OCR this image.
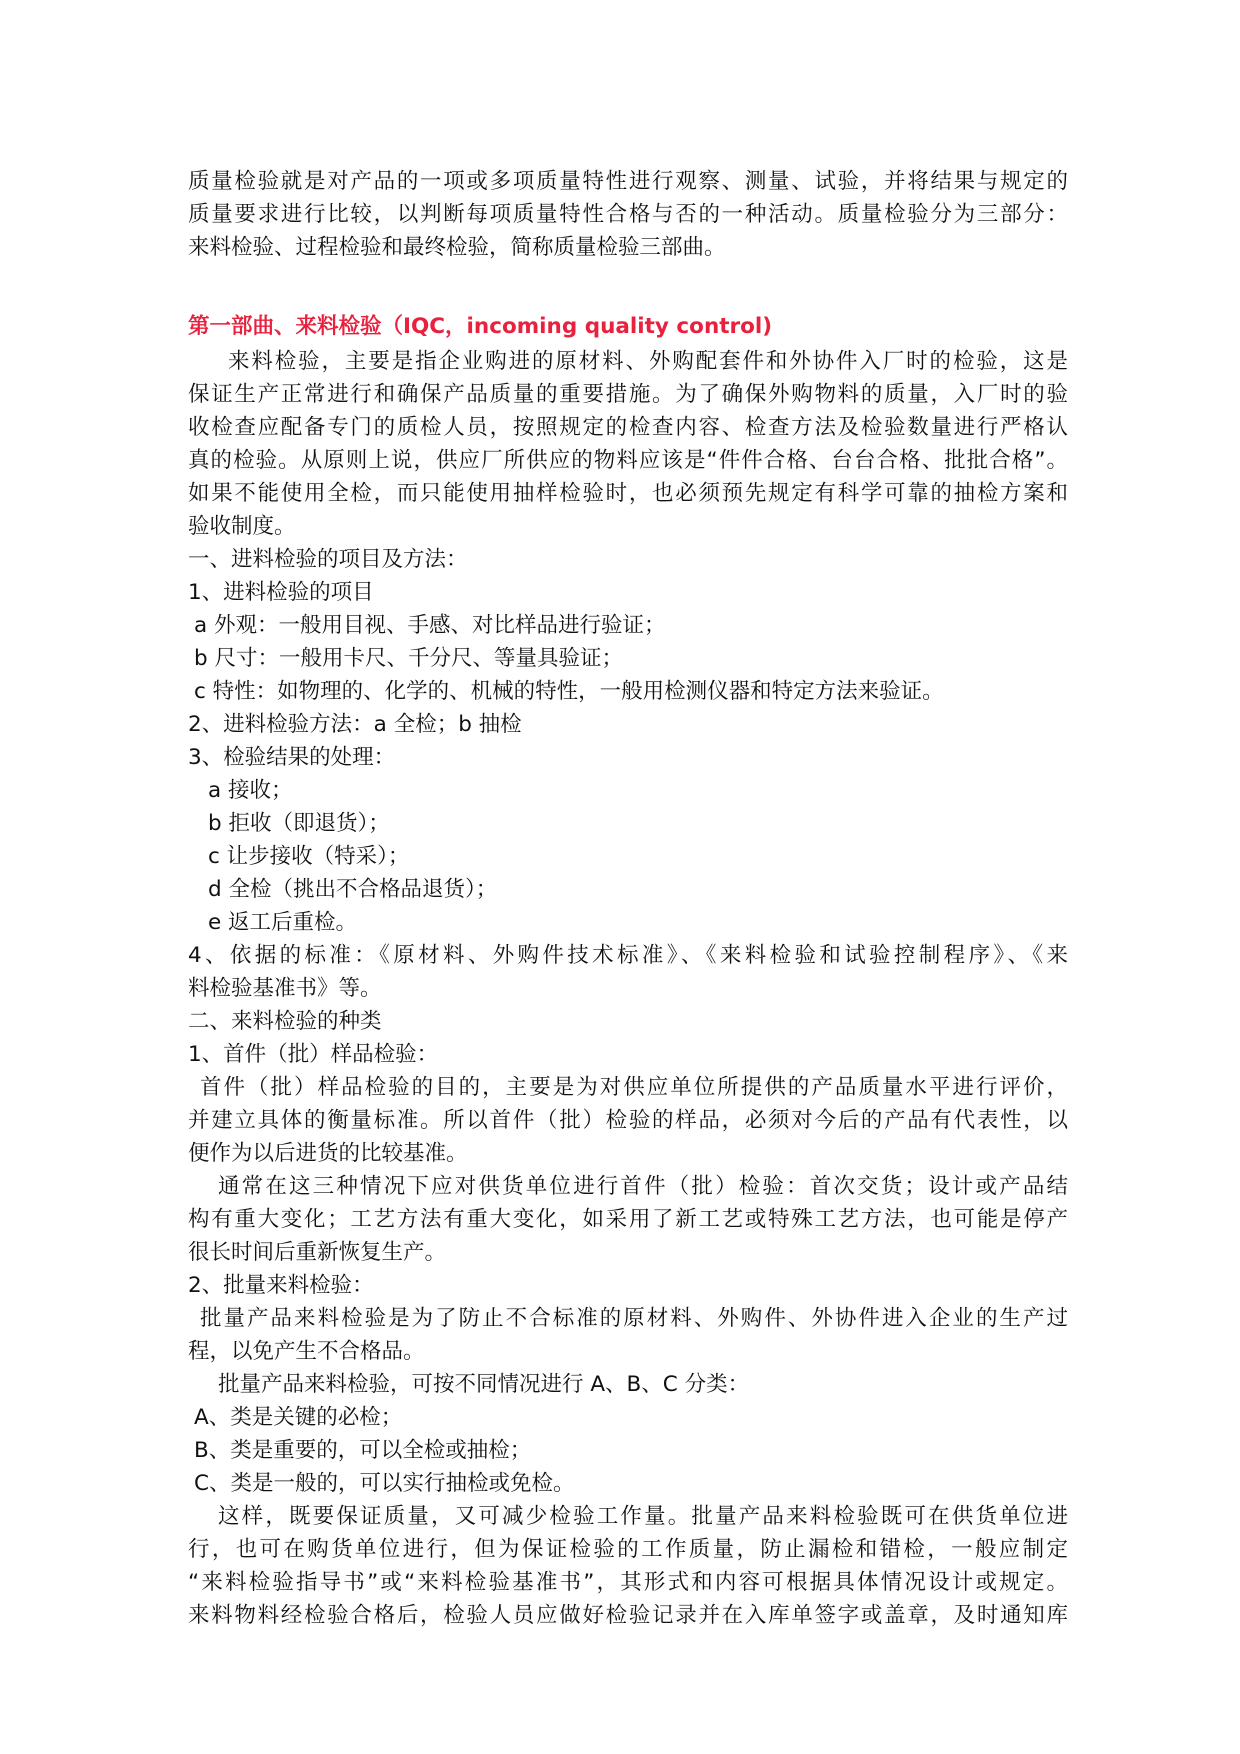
质量检验就是对产品的一项或多项质量特性进行观察、测量、试验，并将结果与规定的
质量要求进行比较，以判断每项质量特性合格与否的一种活动。质量检验分为三部分：
来料检验、过程检验和最终检验，简称质量检验三部曲。
第一部曲、来料检验（IQC，incoming quality control)
来料检验，主要是指企业购进的原材料、外购配套件和外协件入厂时的检验，这是
保证生产正常进行和确保产品质量的重要措施。为了确保外购物料的质量，入厂时的验
收检查应配备专门的质检人员，按照规定的检查内容、检查方法及检验数量进行严格认
真的检验。从原则上说，供应厂所供应的物料应该是“件件合格、台台合格、批批合格”。
如果不能使用全检，而只能使用抽样检验时，也必须预先规定有科学可靠的抽检方案和
验收制度。
一、进料检验的项目及方法：
1、进料检验的项目
a 外观：一般用目视、手感、对比样品进行验证；
b 尺寸：一般用卡尺、千分尺、等量具验证；
c 特性：如物理的、化学的、机械的特性，一般用检测仪器和特定方法来验证。
2、进料检验方法：a 全检；b 抽检
3、检验结果的处理：
a 接收；
b 拒收（即退货）；
c 让步接收（特采）；
d 全检（挑出不合格品退货）；
e 返工后重检。
4、依据的标准：《原材料、外购件技术标准》、《来料检验和试验控制程序》、《来
料检验基准书》等。
二、来料检验的种类
1、首件（批）样品检验：
首件（批）样品检验的目的，主要是为对供应单位所提供的产品质量水平进行评价，
并建立具体的衡量标准。所以首件（批）检验的样品，必须对今后的产品有代表性，以
便作为以后进货的比较基准。
通常在这三种情况下应对供货单位进行首件（批）检验：首次交货；设计或产品结
构有重大变化；工艺方法有重大变化，如采用了新工艺或特殊工艺方法，也可能是停产
很长时间后重新恢复生产。
2、批量来料检验：
批量产品来料检验是为了防止不合标准的原材料、外购件、外协件进入企业的生产过
程，以免产生不合格品。
批量产品来料检验，可按不同情况进行 A、B、C 分类：
A、类是关键的必检；
B、类是重要的，可以全检或抽检；
C、类是一般的，可以实行抽检或免检。
这样，既要保证质量，又可减少检验工作量。批量产品来料检验既可在供货单位进
行，也可在购货单位进行，但为保证检验的工作质量，防止漏检和错检，一般应制定
“来料检验指导书”或“来料检验基准书”，其形式和内容可根据具体情况设计或规定。
来料物料经检验合格后，检验人员应做好检验记录并在入库单签字或盖章，及时通知库
